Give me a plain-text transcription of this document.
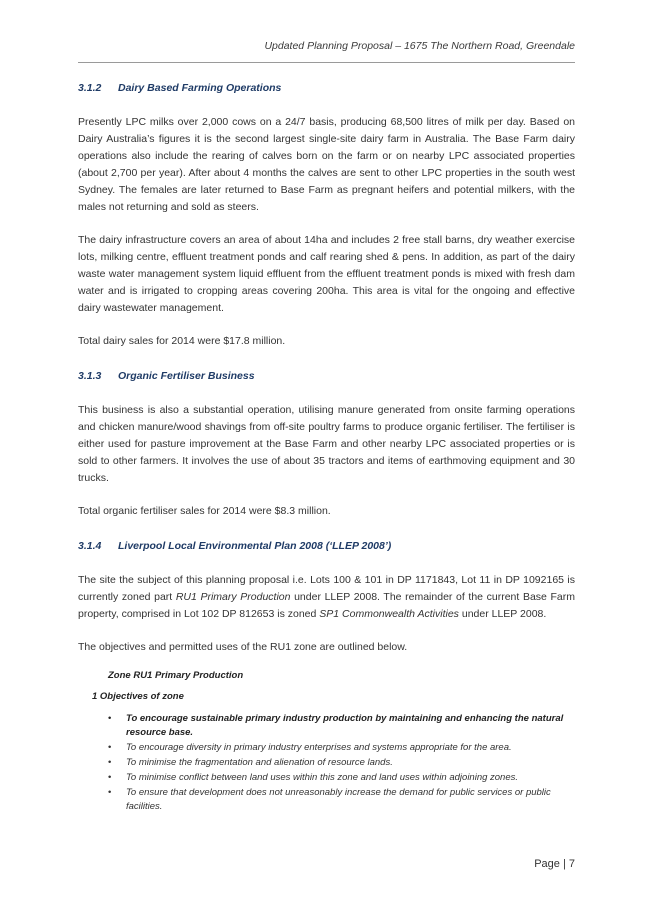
Updated Planning Proposal – 1675 The Northern Road, Greendale
3.1.2 Dairy Based Farming Operations

Presently LPC milks over 2,000 cows on a 24/7 basis, producing 68,500 litres of milk per day. Based on Dairy Australia’s figures it is the second largest single-site dairy farm in Australia. The Base Farm dairy operations also include the rearing of calves born on the farm or on nearby LPC associated properties (about 2,700 per year). After about 4 months the calves are sent to other LPC properties in the south west Sydney. The females are later returned to Base Farm as pregnant heifers and potential milkers, with the males not returning and sold as steers.

The dairy infrastructure covers an area of about 14ha and includes 2 free stall barns, dry weather exercise lots, milking centre, effluent treatment ponds and calf rearing shed & pens. In addition, as part of the dairy waste water management system liquid effluent from the effluent treatment ponds is mixed with fresh dam water and is irrigated to cropping areas covering 200ha. This area is vital for the ongoing and effective dairy wastewater management.

Total dairy sales for 2014 were $17.8 million.

3.1.3 Organic Fertiliser Business

This business is also a substantial operation, utilising manure generated from onsite farming operations and chicken manure/wood shavings from off-site poultry farms to produce organic fertiliser. The fertiliser is either used for pasture improvement at the Base Farm and other nearby LPC associated properties or is sold to other farmers. It involves the use of about 35 tractors and items of earthmoving equipment and 30 trucks.

Total organic fertiliser sales for 2014 were $8.3 million.

3.1.4 Liverpool Local Environmental Plan 2008 (‘LLEP 2008’)

The site the subject of this planning proposal i.e. Lots 100 & 101 in DP 1171843, Lot 11 in DP 1092165 is currently zoned part RU1 Primary Production under LLEP 2008. The remainder of the current Base Farm property, comprised in Lot 102 DP 812653 is zoned SP1 Commonwealth Activities under LLEP 2008.

The objectives and permitted uses of the RU1 zone are outlined below.

Zone RU1 Primary Production
1 Objectives of zone
• To encourage sustainable primary industry production by maintaining and enhancing the natural resource base.
• To encourage diversity in primary industry enterprises and systems appropriate for the area.
• To minimise the fragmentation and alienation of resource lands.
• To minimise conflict between land uses within this zone and land uses within adjoining zones.
• To ensure that development does not unreasonably increase the demand for public services or public facilities.
Page | 7
